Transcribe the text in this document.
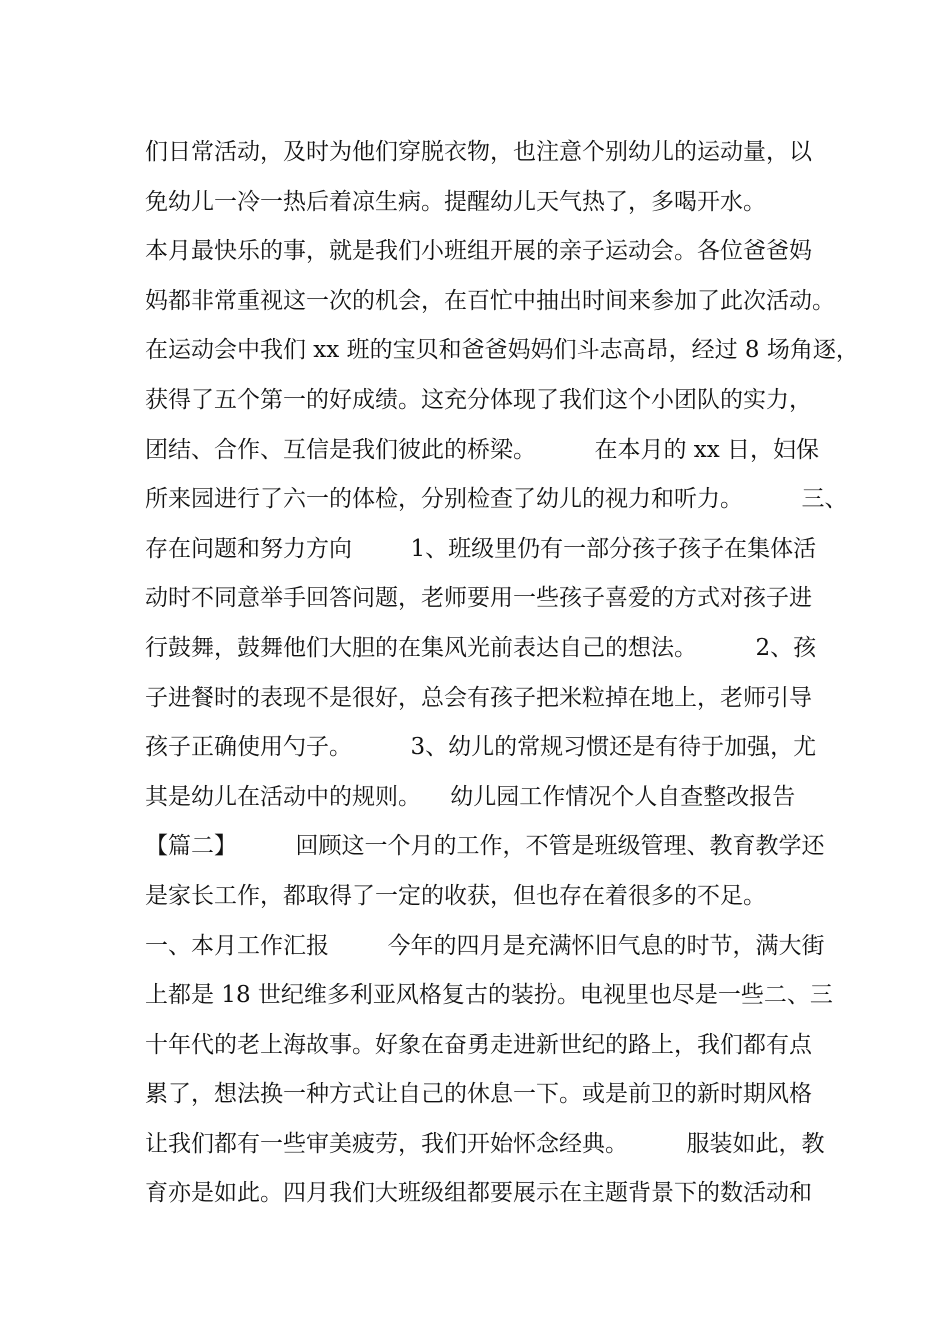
们日常活动，及时为他们穿脱衣物，也注意个别幼儿的运动量，以
免幼儿一冷一热后着凉生病。提醒幼儿天气热了，多喝开水。
本月最快乐的事，就是我们小班组开展的亲子运动会。各位爸爸妈
妈都非常重视这一次的机会，在百忙中抽出时间来参加了此次活动。
在运动会中我们 xx 班的宝贝和爸爸妈妈们斗志高昂，经过 8 场角逐，
获得了五个第一的好成绩。这充分体现了我们这个小团队的实力，
团结、合作、互信是我们彼此的桥梁。        在本月的 xx 日，妇保
所来园进行了六一的体检，分别检查了幼儿的视力和听力。        三、
存在问题和努力方向        1、班级里仍有一部分孩子孩子在集体活
动时不同意举手回答问题，老师要用一些孩子喜爱的方式对孩子进
行鼓舞，鼓舞他们大胆的在集风光前表达自己的想法。        2、孩
子进餐时的表现不是很好，总会有孩子把米粒掉在地上，老师引导
孩子正确使用勺子。        3、幼儿的常规习惯还是有待于加强，尤
其是幼儿在活动中的规则。    幼儿园工作情况个人自查整改报告
【篇二】        回顾这一个月的工作，不管是班级管理、教育教学还
是家长工作，都取得了一定的收获，但也存在着很多的不足。
一、本月工作汇报        今年的四月是充满怀旧气息的时节，满大街
上都是 18 世纪维多利亚风格复古的装扮。电视里也尽是一些二、三
十年代的老上海故事。好象在奋勇走进新世纪的路上，我们都有点
累了，想法换一种方式让自己的休息一下。或是前卫的新时期风格
让我们都有一些审美疲劳，我们开始怀念经典。        服装如此，教
育亦是如此。四月我们大班级组都要展示在主题背景下的数活动和
